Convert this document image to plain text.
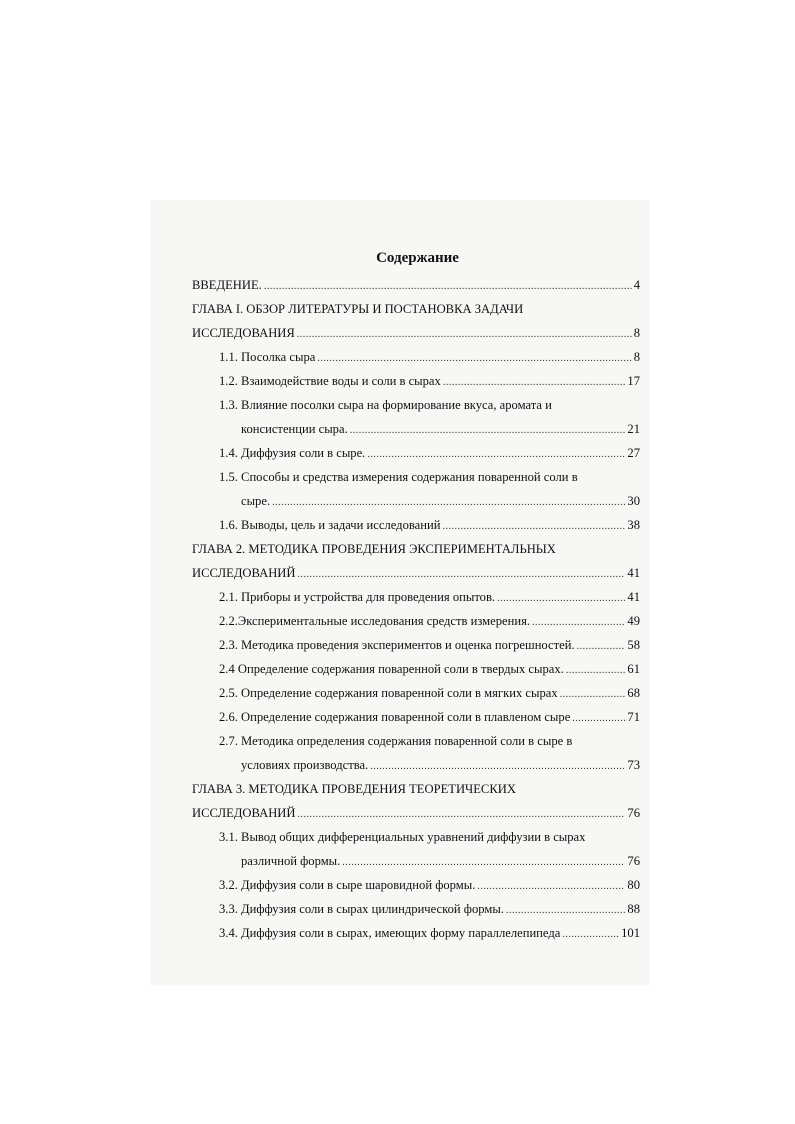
Содержание
ВВЕДЕНИЕ. .....	4
ГЛАВА I. ОБЗОР ЛИТЕРАТУРЫ И ПОСТАНОВКА ЗАДАЧИ
ИССЛЕДОВАНИЯ .....	8
1.1. Посолка сыра .....	8
1.2. Взаимодействие воды и соли в сырах .....	17
1.3. Влияние посолки сыра на формирование вкуса, аромата и
консистенции сыра. .....	21
1.4. Диффузия соли в сыре. .....	27
1.5. Способы и средства измерения содержания поваренной соли в
сыре. .....	30
1.6. Выводы, цель и задачи исследований .....	38
ГЛАВА 2. МЕТОДИКА ПРОВЕДЕНИЯ ЭКСПЕРИМЕНТАЛЬНЫХ
ИССЛЕДОВАНИЙ .....	41
2.1. Приборы и устройства для проведения опытов. .....	41
2.2.Экспериментальные исследования средств измерения. .....	49
2.3. Методика проведения экспериментов и оценка погрешностей. .....	58
2.4 Определение содержания поваренной соли в твердых сырах. .....	61
2.5. Определение содержания поваренной соли в мягких сырах .....	68
2.6. Определение содержания поваренной соли в плавленом сыре .....	71
2.7. Методика определения содержания поваренной соли в сыре в
условиях производства. .....	73
ГЛАВА 3. МЕТОДИКА ПРОВЕДЕНИЯ ТЕОРЕТИЧЕСКИХ
ИССЛЕДОВАНИЙ .....	76
3.1. Вывод общих дифференциальных уравнений диффузии в сырах
различной формы. .....	76
3.2. Диффузия соли в сыре шаровидной формы. .....	80
3.3. Диффузия соли в сырах цилиндрической формы. .....	88
3.4. Диффузия соли в сырах, имеющих форму параллелепипеда .....	101
